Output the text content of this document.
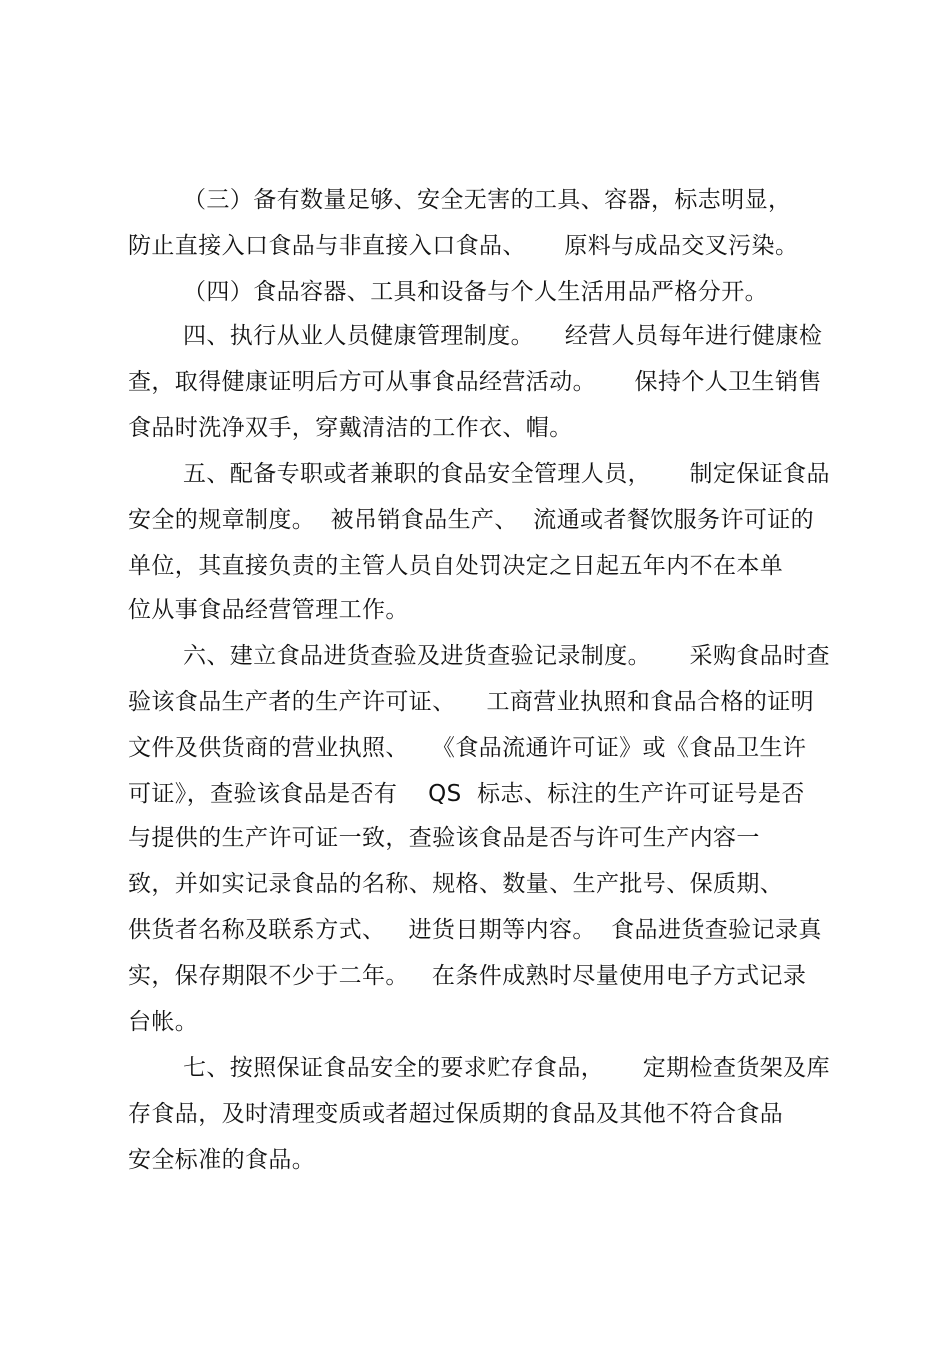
（三）备有数量足够、安全无害的工具、容器，标志明显，
防止直接入口食品与非直接入口食品、     原料与成品交叉污染。
（四）食品容器、工具和设备与个人生活用品严格分开。
四、执行从业人员健康管理制度。    经营人员每年进行健康检
查，取得健康证明后方可从事食品经营活动。     保持个人卫生销售
食品时洗净双手，穿戴清洁的工作衣、帽。
五、配备专职或者兼职的食品安全管理人员，     制定保证食品
安全的规章制度。  被吊销食品生产、  流通或者餐饮服务许可证的
单位，其直接负责的主管人员自处罚决定之日起五年内不在本单
位从事食品经营管理工作。
六、建立食品进货查验及进货查验记录制度。     采购食品时查
验该食品生产者的生产许可证、    工商营业执照和食品合格的证明
文件及供货商的营业执照、   《食品流通许可证》或《食品卫生许
可证》，查验该食品是否有    QS  标志、标注的生产许可证号是否
与提供的生产许可证一致，查验该食品是否与许可生产内容一
致，并如实记录食品的名称、规格、数量、生产批号、保质期、
供货者名称及联系方式、   进货日期等内容。  食品进货查验记录真
实，保存期限不少于二年。   在条件成熟时尽量使用电子方式记录
台帐。
七、按照保证食品安全的要求贮存食品，     定期检查货架及库
存食品，及时清理变质或者超过保质期的食品及其他不符合食品
安全标准的食品。
